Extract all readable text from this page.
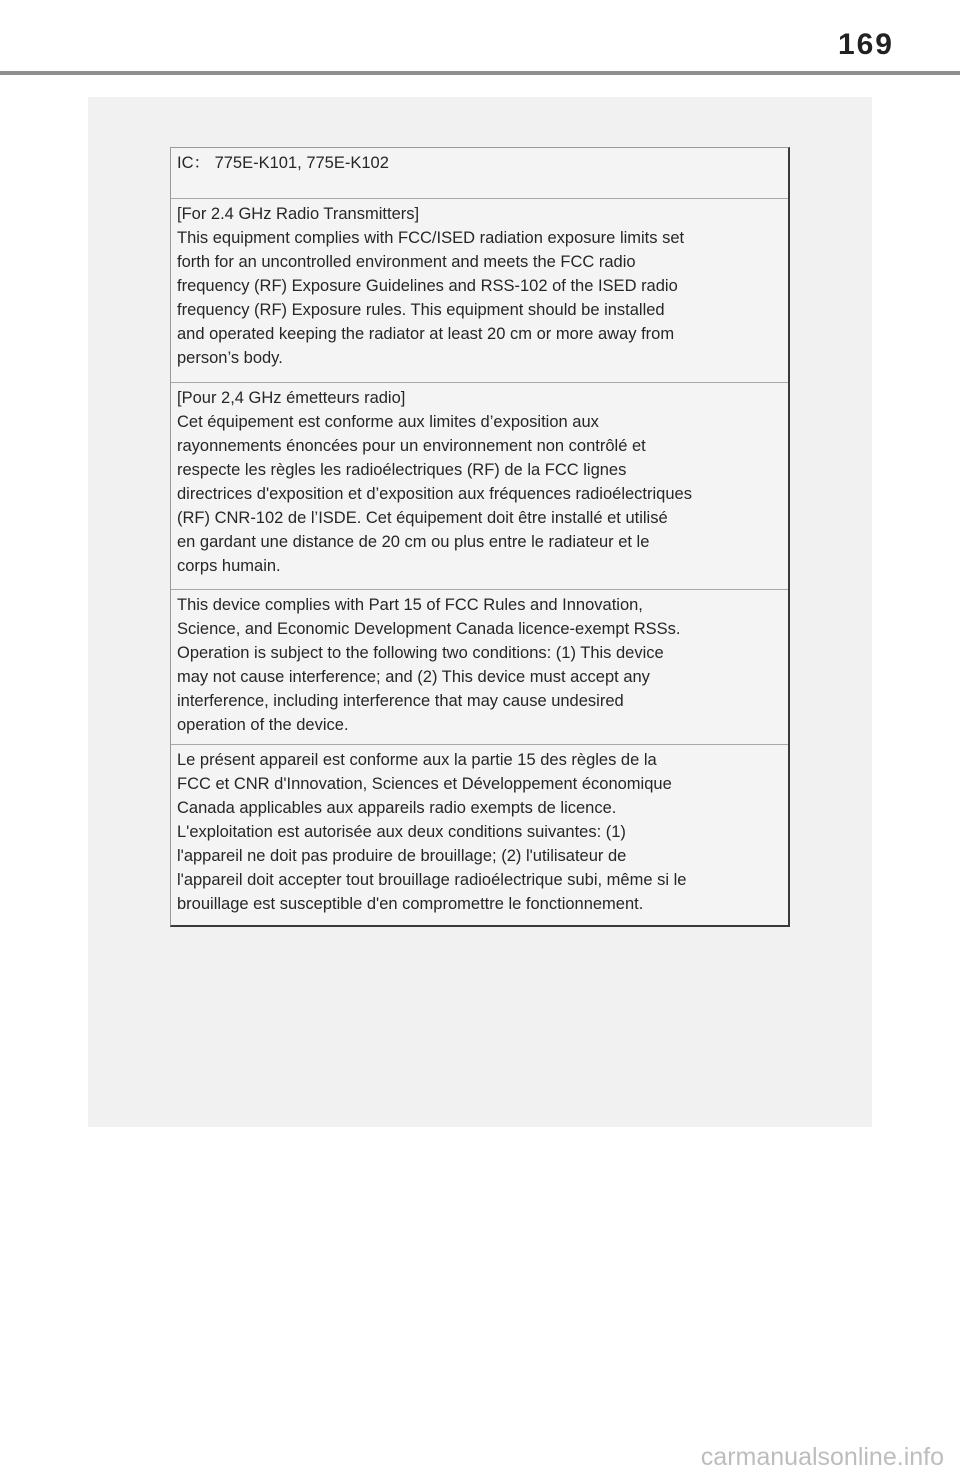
169
IC： 775E-K101, 775E-K102
[For 2.4 GHz Radio Transmitters]
This equipment complies with FCC/ISED radiation exposure limits set
forth for an uncontrolled environment and meets the FCC radio
frequency (RF) Exposure Guidelines and RSS-102 of the ISED radio
frequency (RF) Exposure rules. This equipment should be installed
and operated keeping the radiator at least 20 cm or more away from
person’s body.
[Pour 2,4 GHz émetteurs radio]
Cet équipement est conforme aux limites d’exposition aux
rayonnements énoncées pour un environnement non contrôlé et
respecte les règles les radioélectriques (RF) de la FCC lignes
directrices d'exposition et d’exposition aux fréquences radioélectriques
(RF) CNR-102 de l’ISDE. Cet équipement doit être installé et utilisé
en gardant une distance de 20 cm ou plus entre le radiateur et le
corps humain.
This device complies with Part 15 of FCC Rules and Innovation,
Science, and Economic Development Canada licence-exempt RSSs.
Operation is subject to the following two conditions: (1) This device
may not cause interference; and (2) This device must accept any
interference, including interference that may cause undesired
operation of the device.
Le présent appareil est conforme aux la partie 15 des règles de la
FCC et CNR d'Innovation, Sciences et Développement économique
Canada applicables aux appareils radio exempts de licence.
L'exploitation est autorisée aux deux conditions suivantes: (1)
l'appareil ne doit pas produire de brouillage; (2) l'utilisateur de
l'appareil doit accepter tout brouillage radioélectrique subi, même si le
brouillage est susceptible d'en compromettre le fonctionnement.
carmanualsonline.info
